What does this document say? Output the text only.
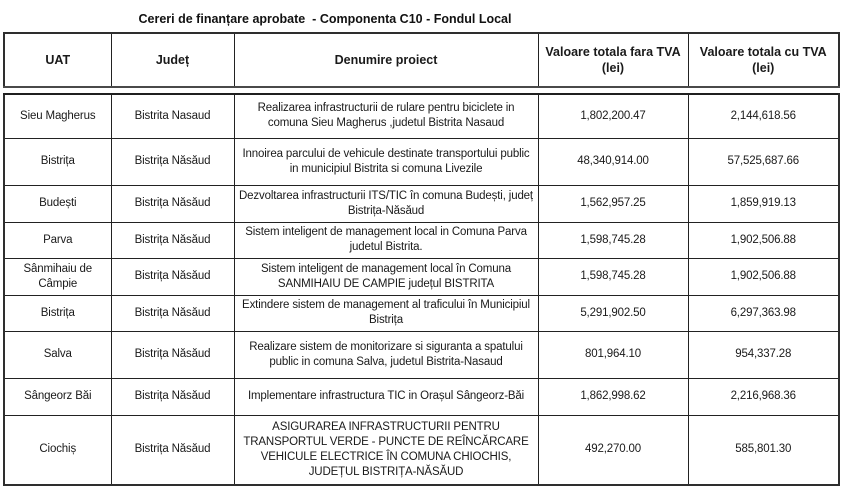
Cereri de finanțare aprobate  - Componenta C10 - Fondul Local
UAT	Județ	Denumire proiect	Valoare totala fara TVA (lei)	Valoare totala cu TVA (lei)
Sieu Magherus	Bistrita Nasaud	Realizarea infrastructurii de rulare pentru biciclete in comuna Sieu Magherus ,judetul Bistrita Nasaud	1,802,200.47	2,144,618.56
Bistrița	Bistrița Năsăud	Innoirea parcului de vehicule destinate transportului public in municipiul Bistrita si comuna Livezile	48,340,914.00	57,525,687.66
Budești	Bistrița Năsăud	Dezvoltarea infrastructurii ITS/TIC în comuna Budești, județ Bistrița-Năsăud	1,562,957.25	1,859,919.13
Parva	Bistrița Năsăud	Sistem inteligent de management local in Comuna Parva judetul Bistrita.	1,598,745.28	1,902,506.88
Sânmihaiu de Câmpie	Bistrița Năsăud	Sistem inteligent de management local în Comuna SANMIHAIU DE CAMPIE județul BISTRITA	1,598,745.28	1,902,506.88
Bistrița	Bistrița Năsăud	Extindere sistem de management al traficului în Municipiul Bistrița	5,291,902.50	6,297,363.98
Salva	Bistrița Năsăud	Realizare sistem de monitorizare si siguranta a spatului public in comuna Salva, judetul Bistrita-Nasaud	801,964.10	954,337.28
Sângeorz Băi	Bistrița Năsăud	Implementare infrastructura TIC in Orașul Sângeorz-Băi	1,862,998.62	2,216,968.36
Ciochiș	Bistrița Năsăud	ASIGURAREA INFRASTRUCTURII PENTRU TRANSPORTUL VERDE - PUNCTE DE REÎNCĂRCARE VEHICULE ELECTRICE ÎN COMUNA CHIOCHIS, JUDEȚUL BISTRIȚA-NĂSĂUD	492,270.00	585,801.30
